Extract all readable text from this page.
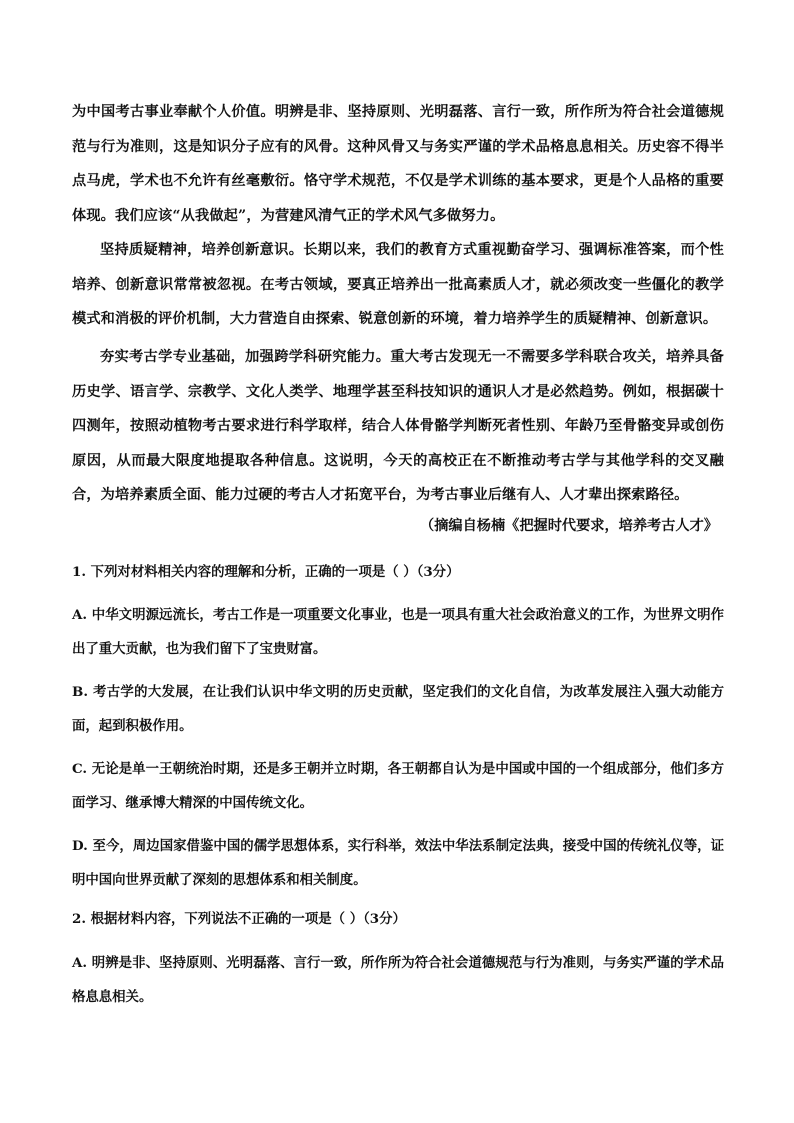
为中国考古事业奉献个人价值。明辨是非、坚持原则、光明磊落、言行一致，所作所为符合社会道德规范与行为准则，这是知识分子应有的风骨。这种风骨又与务实严谨的学术品格息息相关。历史容不得半点马虎，学术也不允许有丝毫敷衍。恪守学术规范，不仅是学术训练的基本要求，更是个人品格的重要体现。我们应该“从我做起”，为营建风清气正的学术风气多做努力。

坚持质疑精神，培养创新意识。长期以来，我们的教育方式重视勤奋学习、强调标准答案，而个性培养、创新意识常常被忽视。在考古领域，要真正培养出一批高素质人才，就必须改变一些僵化的教学模式和消极的评价机制，大力营造自由探索、锐意创新的环境，着力培养学生的质疑精神、创新意识。

夯实考古学专业基础，加强跨学科研究能力。重大考古发现无一不需要多学科联合攻关，培养具备历史学、语言学、宗教学、文化人类学、地理学甚至科技知识的通识人才是必然趋势。例如，根据碳十四测年，按照动植物考古要求进行科学取样，结合人体骨骼学判断死者性别、年龄乃至骨骼变异或创伤原因，从而最大限度地提取各种信息。这说明，今天的高校正在不断推动考古学与其他学科的交叉融合，为培养素质全面、能力过硬的考古人才拓宽平台，为考古事业后继有人、人才辈出探索路径。

（摘编自杨楠《把握时代要求，培养考古人才》

1. 下列对材料相关内容的理解和分析，正确的一项是（ ）（3分）

A. 中华文明源远流长，考古工作是一项重要文化事业，也是一项具有重大社会政治意义的工作，为世界文明作出了重大贡献，也为我们留下了宝贵财富。

B. 考古学的大发展，在让我们认识中华文明的历史贡献，坚定我们的文化自信，为改革发展注入强大动能方面，起到积极作用。

C. 无论是单一王朝统治时期，还是多王朝并立时期，各王朝都自认为是中国或中国的一个组成部分，他们多方面学习、继承博大精深的中国传统文化。

D. 至今，周边国家借鉴中国的儒学思想体系，实行科举，效法中华法系制定法典，接受中国的传统礼仪等，证明中国向世界贡献了深刻的思想体系和相关制度。

2. 根据材料内容，下列说法不正确的一项是（ ）（3分）

A. 明辨是非、坚持原则、光明磊落、言行一致，所作所为符合社会道德规范与行为准则，与务实严谨的学术品格息息相关。
